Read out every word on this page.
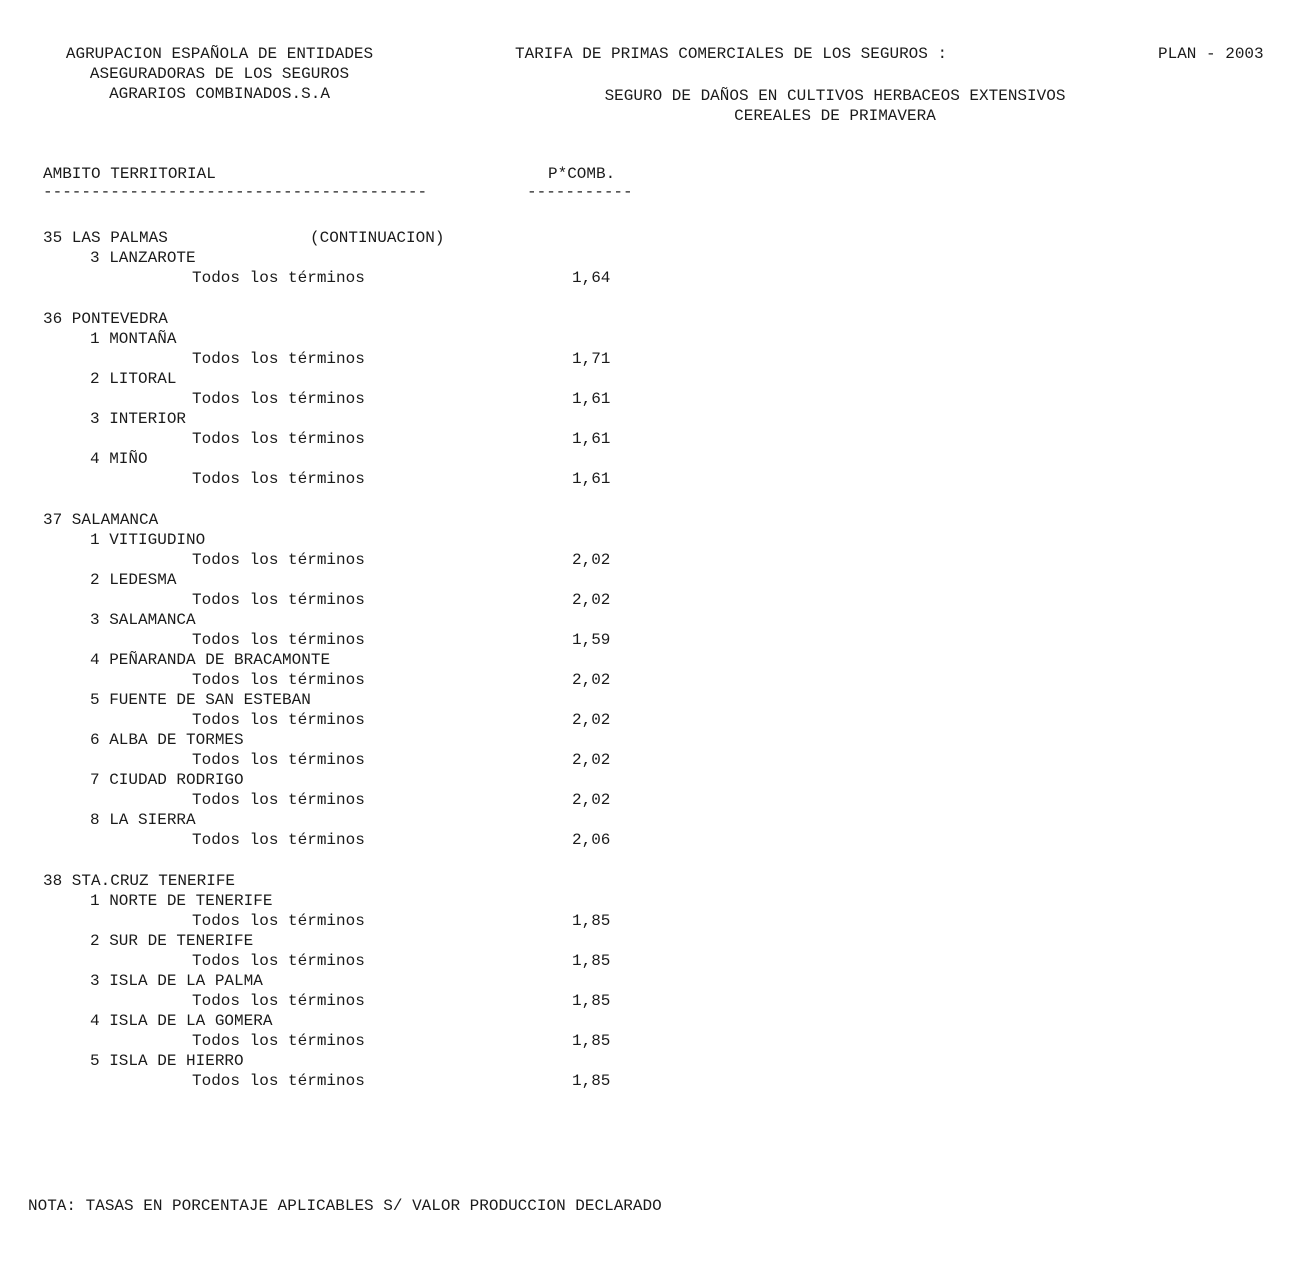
AGRUPACION ESPAÑOLA DE ENTIDADES
ASEGURADORAS DE LOS SEGUROS
AGRARIOS COMBINADOS.S.A
TARIFA DE PRIMAS COMERCIALES DE LOS SEGUROS :	PLAN - 2003
SEGURO DE DAÑOS EN CULTIVOS HERBACEOS EXTENSIVOS
CEREALES DE PRIMAVERA
AMBITO TERRITORIAL	P*COMB.
----------------------------------------	-----------
35 LAS PALMAS	(CONTINUACION)
3 LANZAROTE
Todos los términos	1,64
36 PONTEVEDRA
1 MONTAÑA
Todos los términos	1,71
2 LITORAL
Todos los términos	1,61
3 INTERIOR
Todos los términos	1,61
4 MIÑO
Todos los términos	1,61
37 SALAMANCA
1 VITIGUDINO
Todos los términos	2,02
2 LEDESMA
Todos los términos	2,02
3 SALAMANCA
Todos los términos	1,59
4 PEÑARANDA DE BRACAMONTE
Todos los términos	2,02
5 FUENTE DE SAN ESTEBAN
Todos los términos	2,02
6 ALBA DE TORMES
Todos los términos	2,02
7 CIUDAD RODRIGO
Todos los términos	2,02
8 LA SIERRA
Todos los términos	2,06
38 STA.CRUZ TENERIFE
1 NORTE DE TENERIFE
Todos los términos	1,85
2 SUR DE TENERIFE
Todos los términos	1,85
3 ISLA DE LA PALMA
Todos los términos	1,85
4 ISLA DE LA GOMERA
Todos los términos	1,85
5 ISLA DE HIERRO
Todos los términos	1,85
NOTA: TASAS EN PORCENTAJE APLICABLES S/ VALOR PRODUCCION DECLARADO
